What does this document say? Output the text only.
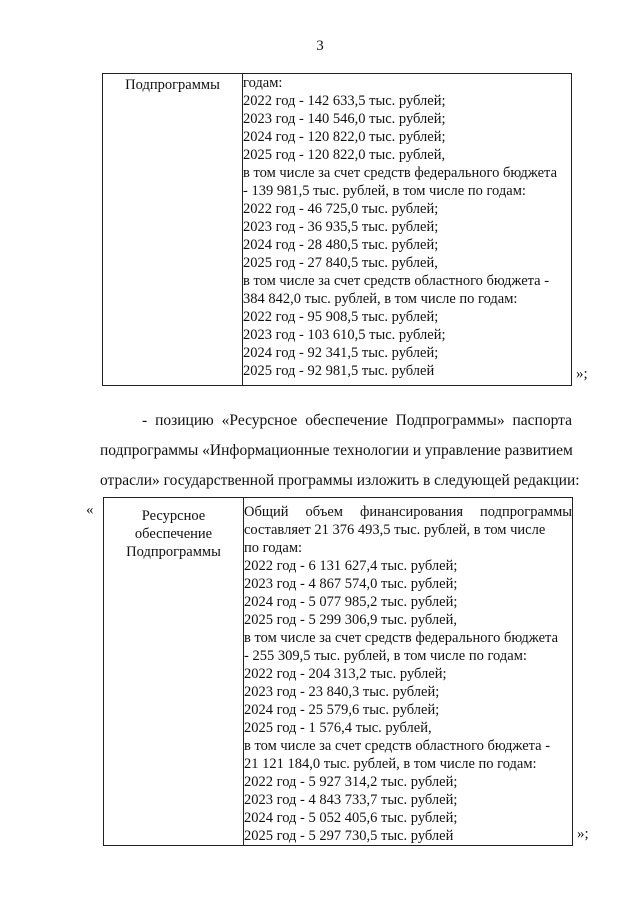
3
Подпрограммы	годам:
2022 год - 142 633,5 тыс. рублей;
2023 год - 140 546,0 тыс. рублей;
2024 год - 120 822,0 тыс. рублей;
2025 год - 120 822,0 тыс. рублей,
в том числе за счет средств федерального бюджета
- 139 981,5 тыс. рублей, в том числе по годам:
2022 год - 46 725,0 тыс. рублей;
2023 год - 36 935,5 тыс. рублей;
2024 год - 28 480,5 тыс. рублей;
2025 год - 27 840,5 тыс. рублей,
в том числе за счет средств областного бюджета -
384 842,0 тыс. рублей, в том числе по годам:
2022 год - 95 908,5 тыс. рублей;
2023 год - 103 610,5 тыс. рублей;
2024 год - 92 341,5 тыс. рублей;
2025 год - 92 981,5 тыс. рублей	»;
- позицию «Ресурсное обеспечение Подпрограммы» паспорта
подпрограммы «Информационные технологии и управление развитием
отрасли» государственной программы изложить в следующей редакции:
«	Ресурсное
обеспечение
Подпрограммы

Общий объем финансирования подпрограммы
составляет 21 376 493,5 тыс. рублей, в том числе
по годам:
2022 год - 6 131 627,4 тыс. рублей;
2023 год - 4 867 574,0 тыс. рублей;
2024 год - 5 077 985,2 тыс. рублей;
2025 год - 5 299 306,9 тыс. рублей,
в том числе за счет средств федерального бюджета
- 255 309,5 тыс. рублей, в том числе по годам:
2022 год - 204 313,2 тыс. рублей;
2023 год - 23 840,3 тыс. рублей;
2024 год - 25 579,6 тыс. рублей;
2025 год - 1 576,4 тыс. рублей,
в том числе за счет средств областного бюджета -
21 121 184,0 тыс. рублей, в том числе по годам:
2022 год - 5 927 314,2 тыс. рублей;
2023 год - 4 843 733,7 тыс. рублей;
2024 год - 5 052 405,6 тыс. рублей;
2025 год - 5 297 730,5 тыс. рублей	»;
